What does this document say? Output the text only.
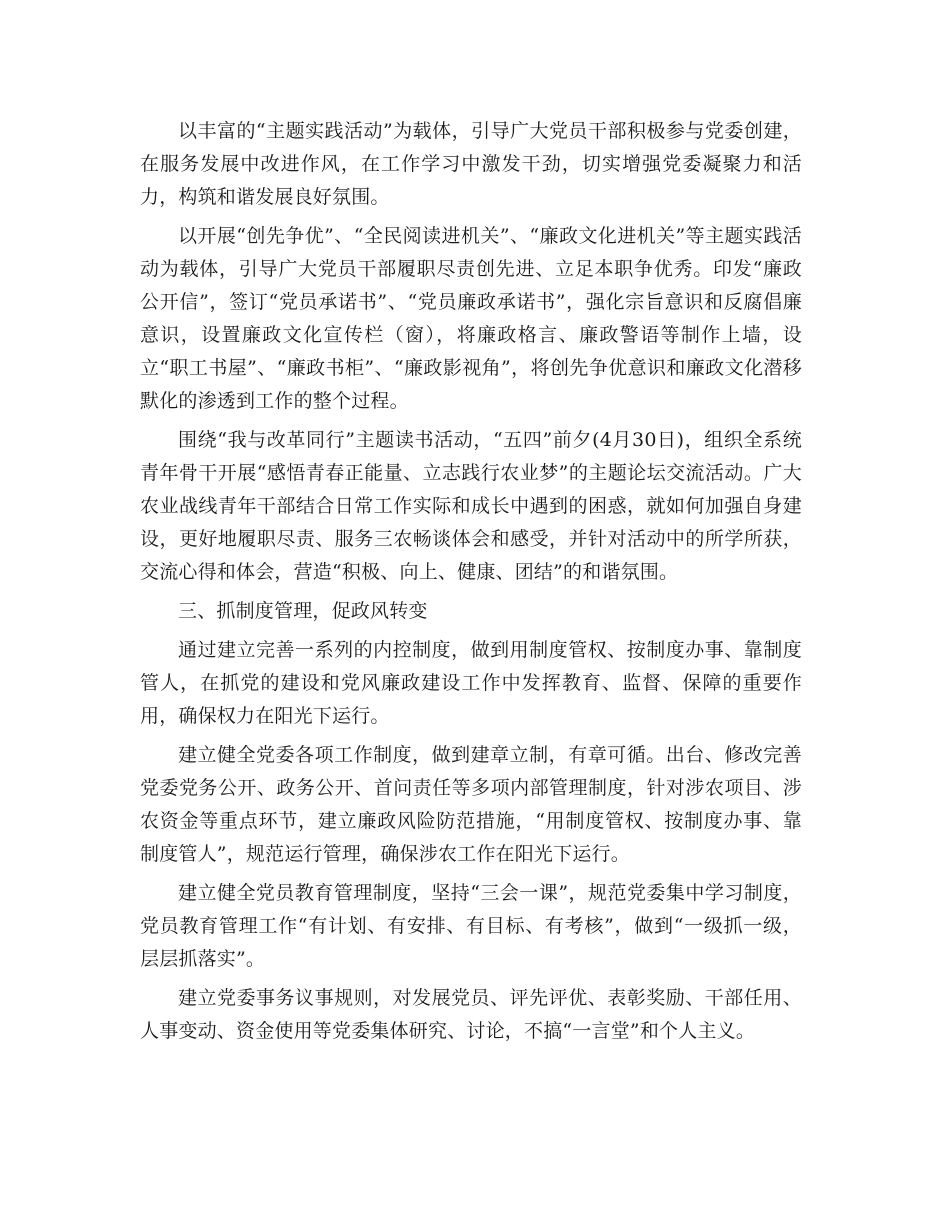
以丰富的“主题实践活动”为载体，引导广大党员干部积极参与党委创建，在服务发展中改进作风，在工作学习中激发干劲，切实增强党委凝聚力和活力，构筑和谐发展良好氛围。

以开展“创先争优”、“全民阅读进机关”、“廉政文化进机关”等主题实践活动为载体，引导广大党员干部履职尽责创先进、立足本职争优秀。印发“廉政公开信”，签订“党员承诺书”、“党员廉政承诺书”，强化宗旨意识和反腐倡廉意识，设置廉政文化宣传栏（窗），将廉政格言、廉政警语等制作上墙，设立“职工书屋”、“廉政书柜”、“廉政影视角”，将创先争优意识和廉政文化潜移默化的渗透到工作的整个过程。

围绕“我与改革同行”主题读书活动，“五四”前夕(4月30日)，组织全系统青年骨干开展“感悟青春正能量、立志践行农业梦”的主题论坛交流活动。广大农业战线青年干部结合日常工作实际和成长中遇到的困惑，就如何加强自身建设，更好地履职尽责、服务三农畅谈体会和感受，并针对活动中的所学所获，交流心得和体会，营造“积极、向上、健康、团结”的和谐氛围。

三、抓制度管理，促政风转变

通过建立完善一系列的内控制度，做到用制度管权、按制度办事、靠制度管人，在抓党的建设和党风廉政建设工作中发挥教育、监督、保障的重要作用，确保权力在阳光下运行。

建立健全党委各项工作制度，做到建章立制，有章可循。出台、修改完善党委党务公开、政务公开、首问责任等多项内部管理制度，针对涉农项目、涉农资金等重点环节，建立廉政风险防范措施，“用制度管权、按制度办事、靠制度管人”，规范运行管理，确保涉农工作在阳光下运行。

建立健全党员教育管理制度，坚持“三会一课”，规范党委集中学习制度，党员教育管理工作“有计划、有安排、有目标、有考核”，做到“一级抓一级，层层抓落实”。

建立党委事务议事规则，对发展党员、评先评优、表彰奖励、干部任用、人事变动、资金使用等党委集体研究、讨论，不搞“一言堂”和个人主义。
